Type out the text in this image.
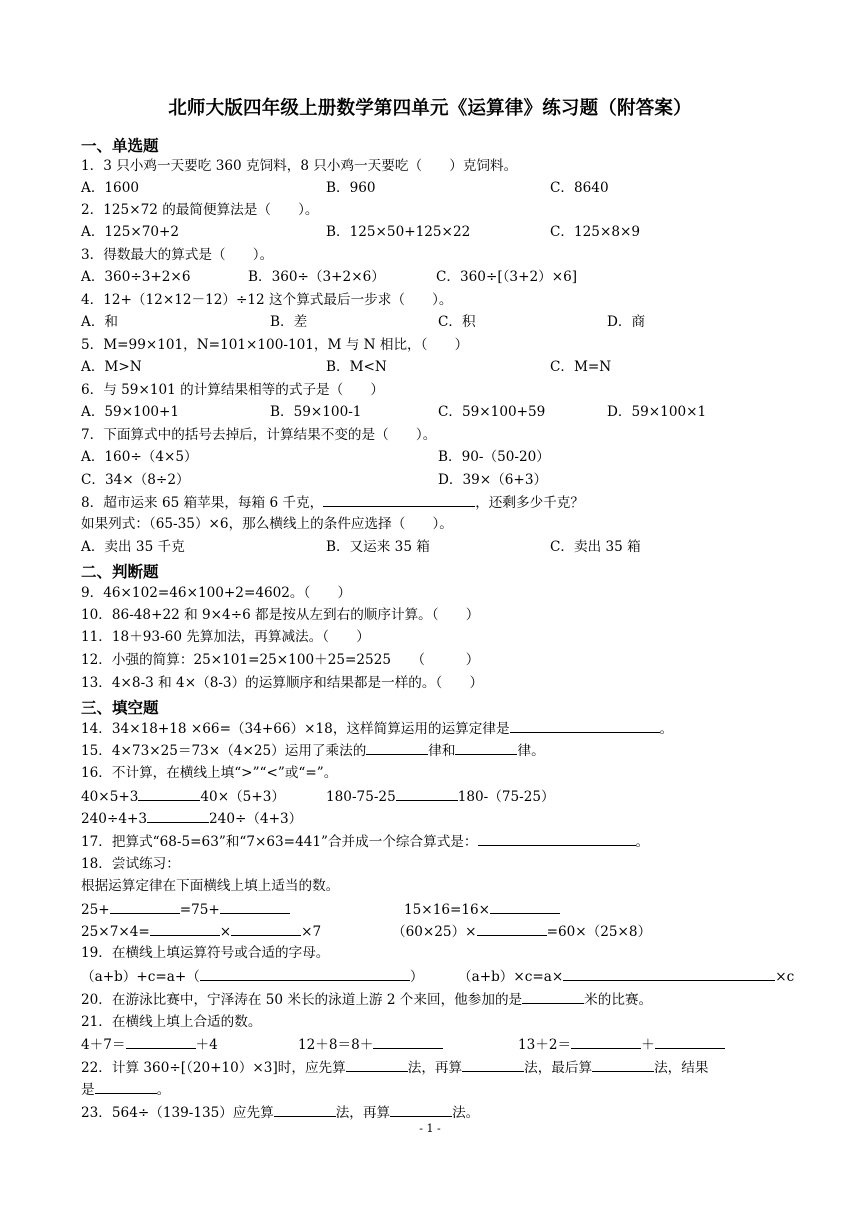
北师大版四年级上册数学第四单元《运算律》练习题（附答案）
一、单选题
1．3 只小鸡一天要吃 360 克饲料，8 只小鸡一天要吃（　　）克饲料。
A．1600	B．960	C．8640
2．125×72 的最简便算法是（　　）。
A．125×70+2	B．125×50+125×22	C．125×8×9
3．得数最大的算式是（　　）。
A．360÷3+2×6	B．360÷（3+2×6）	C．360÷[（3+2）×6]
4．12+（12×12－12）÷12 这个算式最后一步求（　　）。
A．和	B．差	C．积	D．商
5．M=99×101，N=101×100-101，M 与 N 相比，（　　）
A．M>N	B．M<N	C．M=N
6．与 59×101 的计算结果相等的式子是（　　）
A．59×100+1	B．59×100-1	C．59×100+59	D．59×100×1
7．下面算式中的括号去掉后，计算结果不变的是（　　）。
A．160÷（4×5）	B．90-（50-20）
C．34×（8÷2）	D．39×（6+3）
8．超市运来 65 箱苹果，每箱 6 千克，	，还剩多少千克？
如果列式：（65-35）×6，那么横线上的条件应选择（　　）。
A．卖出 35 千克	B．又运来 35 箱	C．卖出 35 箱
二、判断题
9．46×102=46×100+2=4602。（　　）
10．86-48+22 和 9×4÷6 都是按从左到右的顺序计算。（　　）
11．18＋93-60 先算加法，再算减法。（　　）
12．小强的简算：25×101=25×100＋25=2525　　（　　　）
13．4×8-3 和 4×（8-3）的运算顺序和结果都是一样的。（　　）
三、填空题
14．34×18+18 ×66=（34+66）×18，这样简算运用的运算定律是	。
15．4×73×25＝73×（4×25）运用了乘法的	律和	律。
16．不计算，在横线上填“>”“<”或“=”。
40×5+3	40×（5+3）	180-75-25	180-（75-25）
240÷4+3	240÷（4+3）
17．把算式“68-5=63”和“7×63=441”合并成一个综合算式是：	。
18．尝试练习：
根据运算定律在下面横线上填上适当的数。
25+	=75+	15×16=16×
25×7×4=	×	×7	（60×25）×	=60×（25×8）
19．在横线上填运算符号或合适的字母。
（a+b）+c=a+（	）	（a+b）×c=a×	×c
20．在游泳比赛中，宁泽涛在 50 米长的泳道上游 2 个来回，他参加的是	米的比赛。
21．在横线上填上合适的数。
4＋7＝	＋4	12＋8＝8＋	13＋2＝	＋
22．计算 360÷[（20+10）×3]时，应先算	法，再算	法，最后算	法，结果
是	。
23．564÷（139-135）应先算	法，再算	法。
- 1 -
